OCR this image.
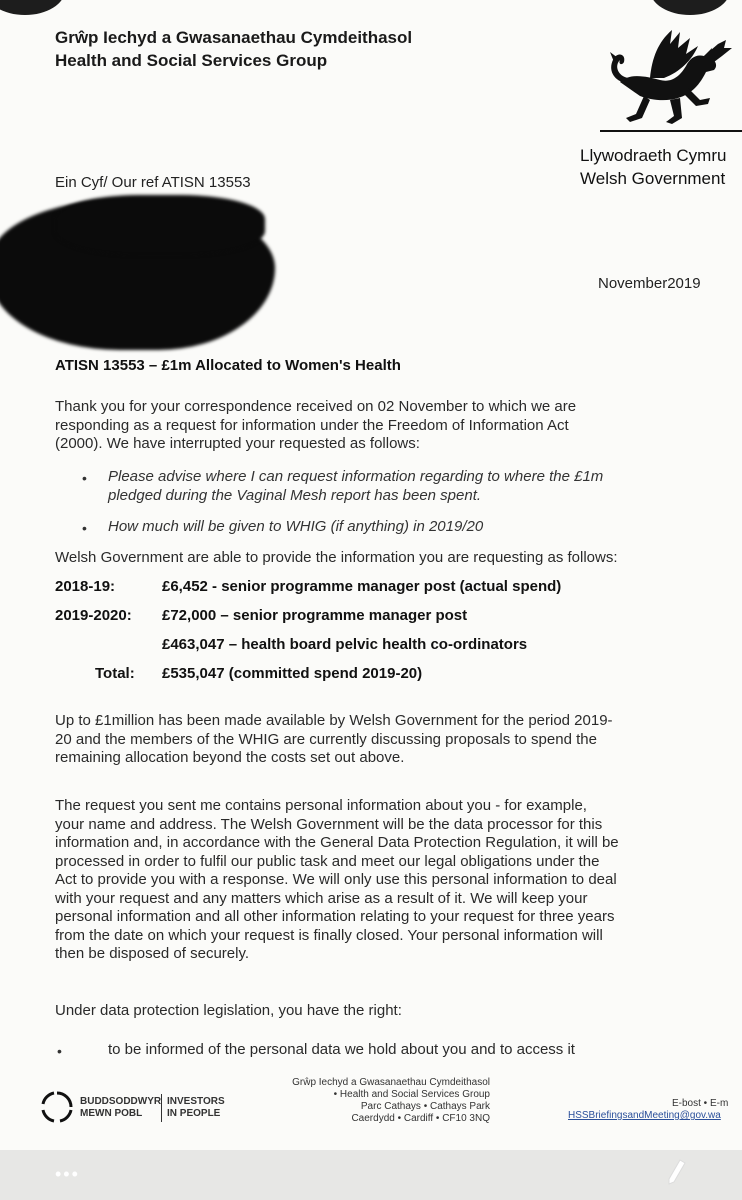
Grŵp Iechyd a Gwasanaethau Cymdeithasol
Health and Social Services Group
Llywodraeth Cymru
Welsh Government
Ein Cyf/ Our ref ATISN 13553
November2019
ATISN 13553 – £1m Allocated to Women's Health
Thank you for your correspondence received on 02 November to which we are
responding as a request for information under the Freedom of Information Act
(2000). We have interrupted your requested as follows:
• Please advise where I can request information regarding to where the £1m
pledged during the Vaginal Mesh report has been spent.
• How much will be given to WHIG (if anything) in 2019/20
Welsh Government are able to provide the information you are requesting as follows:
2018-19:	£6,452 - senior programme manager post (actual spend)
2019-2020: £72,000 – senior programme manager post
£463,047 – health board pelvic health co-ordinators
Total: £535,047 (committed spend 2019-20)
Up to £1million has been made available by Welsh Government for the period 2019-
20 and the members of the WHIG are currently discussing proposals to spend the
remaining allocation beyond the costs set out above.
The request you sent me contains personal information about you - for example,
your name and address. The Welsh Government will be the data processor for this
information and, in accordance with the General Data Protection Regulation, it will be
processed in order to fulfil our public task and meet our legal obligations under the
Act to provide you with a response. We will only use this personal information to deal
with your request and any matters which arise as a result of it. We will keep your
personal information and all other information relating to your request for three years
from the date on which your request is finally closed. Your personal information will
then be disposed of securely.
Under data protection legislation, you have the right:
•	to be informed of the personal data we hold about you and to access it
BUDDSODDWYR
MEWN POBL
INVESTORS
IN PEOPLE
Grŵp Iechyd a Gwasanaethau Cymdeithasol
• Health and Social Services Group
Parc Cathays • Cathays Park
Caerdydd • Cardiff • CF10 3NQ
E-bost • E-m
HSSBriefingsandMeeting@gov.wa
•••
